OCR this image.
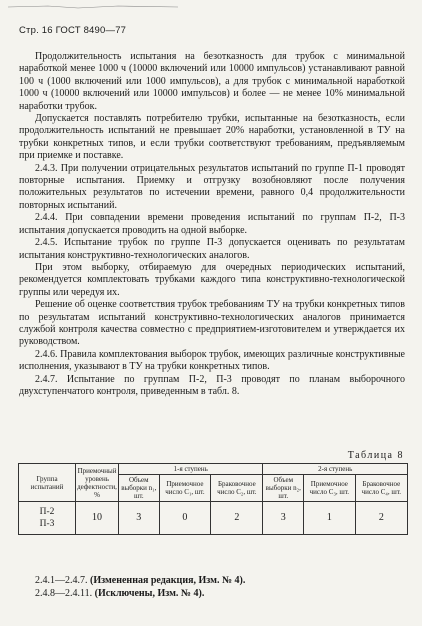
Стр. 16 ГОСТ 8490—77

Продолжительность испытания на безотказность для трубок с минимальной наработкой менее 1000 ч (10000 включений или 10000 импульсов) устанавливают равной 100 ч (1000 включений или 1000 импульсов), а для трубок с минимальной наработкой 1000 ч (10000 включений или 10000 импульсов) и более — не менее 10% минимальной наработки трубок.

Допускается поставлять потребителю трубки, испытанные на безотказность, если продолжительность испытаний не превышает 20% наработки, установленной в ТУ на трубки конкретных типов, и если трубки соответствуют требованиям, предъявляемым при приемке и поставке.

2.4.3. При получении отрицательных результатов испытаний по группе П-1 проводят повторные испытания. Приемку и отгрузку возобновляют после получения положительных результатов по истечении времени, равного 0,4 продолжительности повторных испытаний.

2.4.4. При совпадении времени проведения испытаний по группам П-2, П-3 испытания допускается проводить на одной выборке.

2.4.5. Испытание трубок по группе П-3 допускается оценивать по результатам испытания конструктивно-технологических аналогов.

При этом выборку, отбираемую для очередных периодических испытаний, рекомендуется комплектовать трубками каждого типа конструктивно-технологической группы или чередуя их.

Решение об оценке соответствия трубок требованиям ТУ на трубки конкретных типов по результатам испытаний конструктивно-технологических аналогов принимается службой контроля качества совместно с предприятием-изготовителем и утверждается их руководством.

2.4.6. Правила комплектования выборок трубок, имеющих различные конструктивные исполнения, указывают в ТУ на трубки конкретных типов.

2.4.7. Испытание по группам П-2, П-3 проводят по планам выборочного двухступенчатого контроля, приведенным в табл. 8.

Таблица 8
Группа испытаний	Приемочный уровень дефектности, %	1-я ступень			2-я ступень		
		Объем выборки n₁, шт.	Приемочное число C₁, шт.	Браковочное число C₂, шт.	Объем выборки n₂, шт.	Приемочное число C₃, шт.	Браковочное число C₄, шт.

П-2
П-3	10	3	0	2	3	1	2

2.4.1—2.4.7. (Измененная редакция, Изм. № 4).

2.4.8—2.4.11. (Исключены, Изм. № 4).
